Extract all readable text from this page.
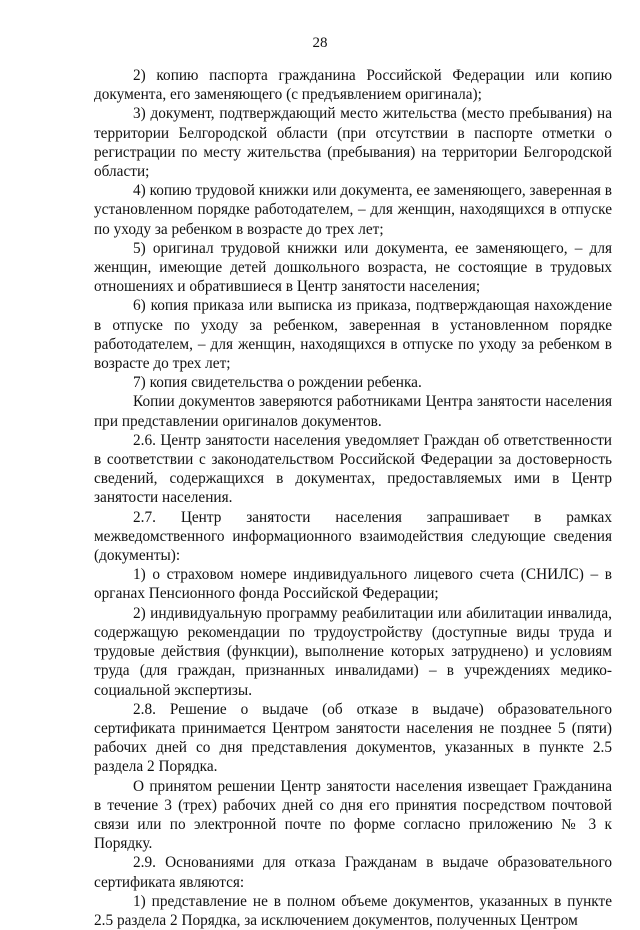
28

2) копию паспорта гражданина Российской Федерации или копию документа, его заменяющего (с предъявлением оригинала);

3) документ, подтверждающий место жительства (место пребывания) на территории Белгородской области (при отсутствии в паспорте отметки о регистрации по месту жительства (пребывания) на территории Белгородской области;

4) копию трудовой книжки или документа, ее заменяющего, заверенная в установленном порядке работодателем, – для женщин, находящихся в отпуске по уходу за ребенком в возрасте до трех лет;

5) оригинал трудовой книжки или документа, ее заменяющего, – для женщин, имеющие детей дошкольного возраста, не состоящие в трудовых отношениях и обратившиеся в Центр занятости населения;

6) копия приказа или выписка из приказа, подтверждающая нахождение в отпуске по уходу за ребенком, заверенная в установленном порядке работодателем, – для женщин, находящихся в отпуске по уходу за ребенком в возрасте до трех лет;

7) копия свидетельства о рождении ребенка.

Копии документов заверяются работниками Центра занятости населения при представлении оригиналов документов.

2.6. Центр занятости населения уведомляет Граждан об ответственности в соответствии с законодательством Российской Федерации за достоверность сведений, содержащихся в документах, предоставляемых ими в Центр занятости населения.

2.7. Центр занятости населения запрашивает в рамках межведомственного информационного взаимодействия следующие сведения (документы):

1) о страховом номере индивидуального лицевого счета (СНИЛС) – в органах Пенсионного фонда Российской Федерации;

2) индивидуальную программу реабилитации или абилитации инвалида, содержащую рекомендации по трудоустройству (доступные виды труда и трудовые действия (функции), выполнение которых затруднено) и условиям труда (для граждан, признанных инвалидами) – в учреждениях медико-социальной экспертизы.

2.8. Решение о выдаче (об отказе в выдаче) образовательного сертификата принимается Центром занятости населения не позднее 5 (пяти) рабочих дней со дня представления документов, указанных в пункте 2.5 раздела 2 Порядка.

О принятом решении Центр занятости населения извещает Гражданина в течение 3 (трех) рабочих дней со дня его принятия посредством почтовой связи или по электронной почте по форме согласно приложению № 3 к Порядку.

2.9. Основаниями для отказа Гражданам в выдаче образовательного сертификата являются:

1) представление не в полном объеме документов, указанных в пункте 2.5 раздела 2 Порядка, за исключением документов, полученных Центром
